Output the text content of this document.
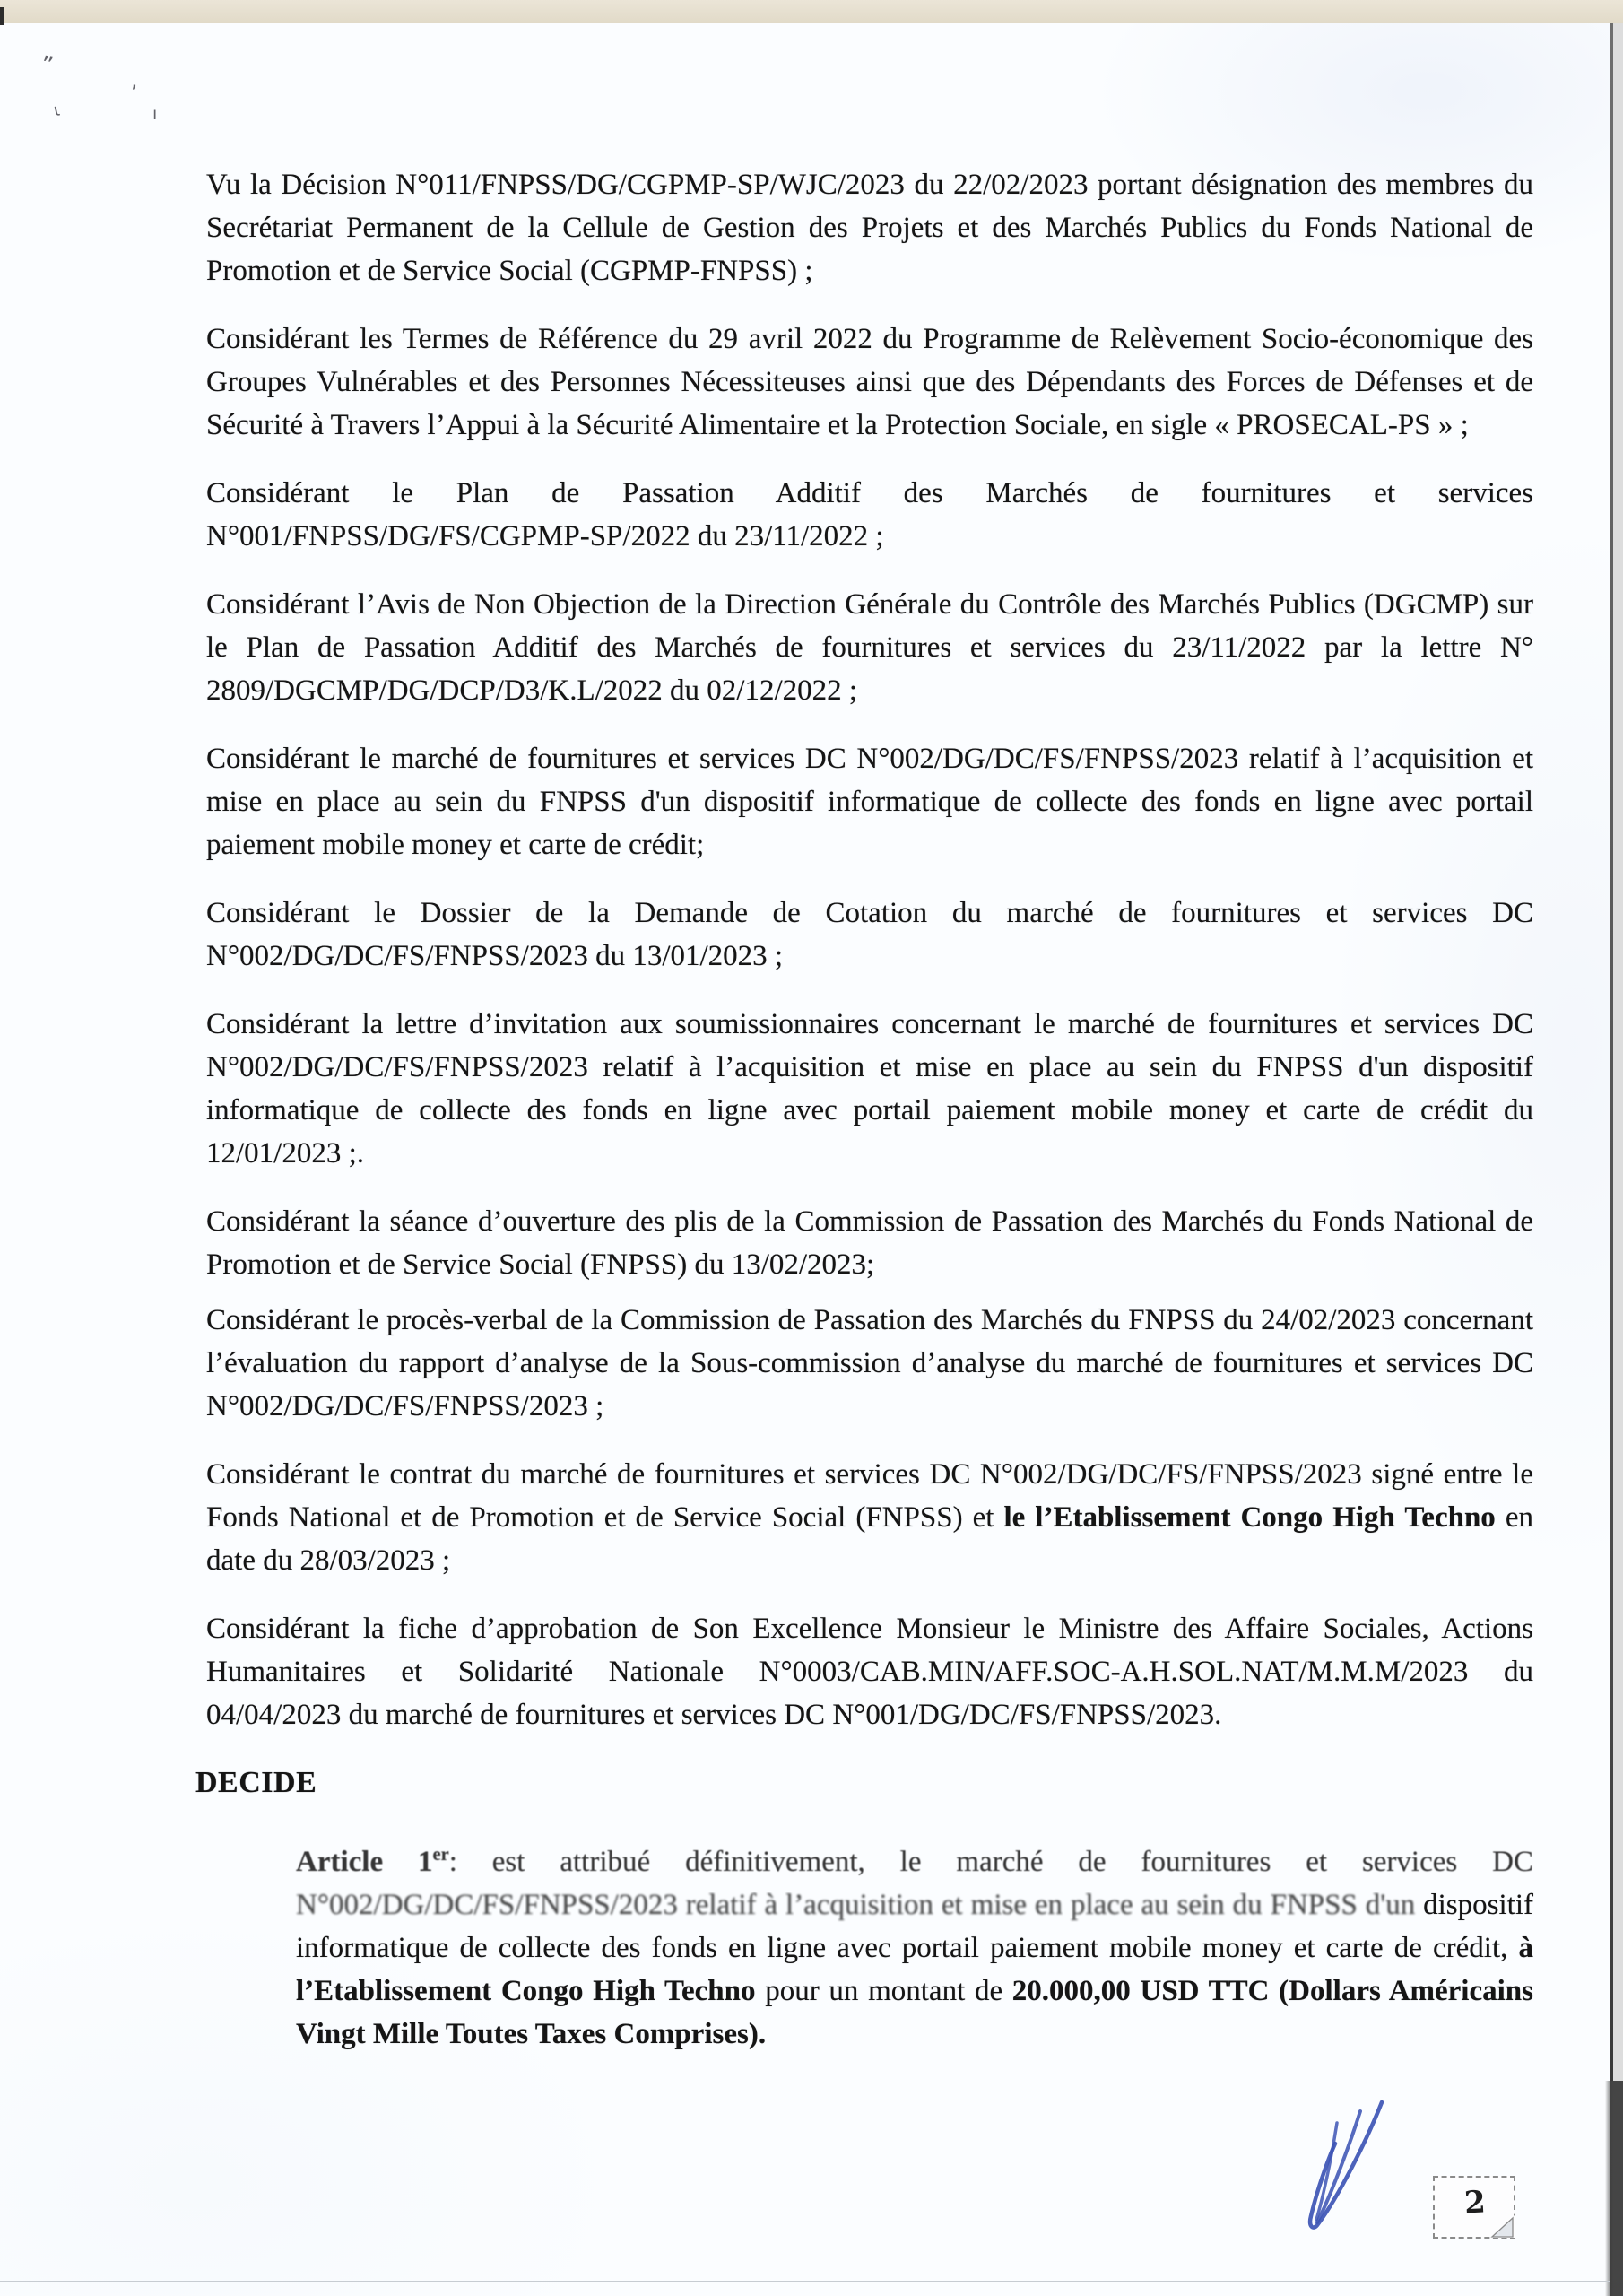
”
’
ι	ı

Vu la Décision N°011/FNPSS/DG/CGPMP-SP/WJC/2023 du 22/02/2023 portant désignation des membres du Secrétariat Permanent de la Cellule de Gestion des Projets et des Marchés Publics du Fonds National de Promotion et de Service Social (CGPMP-FNPSS) ;

Considérant les Termes de Référence du 29 avril 2022 du Programme de Relèvement Socio-économique des Groupes Vulnérables et des Personnes Nécessiteuses ainsi que des Dépendants des Forces de Défenses et de Sécurité à Travers l’Appui à la Sécurité Alimentaire et la Protection Sociale, en sigle « PROSECAL-PS » ;

Considérant le Plan de Passation Additif des Marchés de fournitures et services N°001/FNPSS/DG/FS/CGPMP-SP/2022 du 23/11/2022 ;

Considérant l’Avis de Non Objection de la Direction Générale du Contrôle des Marchés Publics (DGCMP) sur le Plan de Passation Additif des Marchés de fournitures et services du 23/11/2022 par la lettre N° 2809/DGCMP/DG/DCP/D3/K.L/2022 du 02/12/2022 ;

Considérant le marché de fournitures et services DC N°002/DG/DC/FS/FNPSS/2023 relatif à l’acquisition et mise en place au sein du FNPSS d'un dispositif informatique de collecte des fonds en ligne avec portail paiement mobile money et carte de crédit;

Considérant le Dossier de la Demande de Cotation du marché de fournitures et services DC N°002/DG/DC/FS/FNPSS/2023 du 13/01/2023 ;

Considérant la lettre d’invitation aux soumissionnaires concernant le marché de fournitures et services DC N°002/DG/DC/FS/FNPSS/2023 relatif à l’acquisition et mise en place au sein du FNPSS d'un dispositif informatique de collecte des fonds en ligne avec portail paiement mobile money et carte de crédit du 12/01/2023 ;.

Considérant la séance d’ouverture des plis de la Commission de Passation des Marchés du Fonds National de Promotion et de Service Social (FNPSS) du 13/02/2023;

Considérant le procès-verbal de la Commission de Passation des Marchés du FNPSS du 24/02/2023 concernant l’évaluation du rapport d’analyse de la Sous-commission d’analyse du marché de fournitures et services DC N°002/DG/DC/FS/FNPSS/2023 ;

Considérant le contrat du marché de fournitures et services DC N°002/DG/DC/FS/FNPSS/2023 signé entre le Fonds National et de Promotion et de Service Social (FNPSS) et le l’Etablissement Congo High Techno en date du 28/03/2023 ;

Considérant la fiche d’approbation de Son Excellence Monsieur le Ministre des Affaire Sociales, Actions Humanitaires et Solidarité Nationale N°0003/CAB.MIN/AFF.SOC-A.H.SOL.NAT/M.M.M/2023 du 04/04/2023 du marché de fournitures et services DC N°001/DG/DC/FS/FNPSS/2023.

DECIDE

Article 1er: est attribué définitivement, le marché de fournitures et services DC N°002/DG/DC/FS/FNPSS/2023 relatif à l’acquisition et mise en place au sein du FNPSS d'un dispositif informatique de collecte des fonds en ligne avec portail paiement mobile money et carte de crédit, à l’Etablissement Congo High Techno pour un montant de 20.000,00 USD TTC (Dollars Américains Vingt Mille Toutes Taxes Comprises).

2
